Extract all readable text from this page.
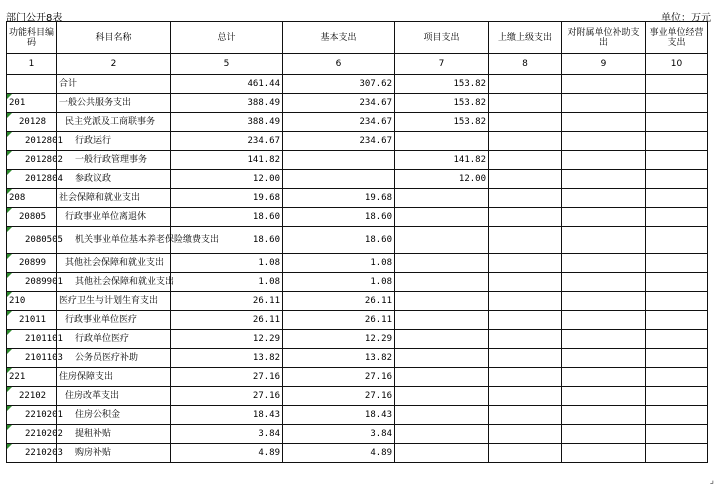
部门公开8表	单位：万元
功能科目编码	科目名称	总计	基本支出	项目支出	上缴上级支出	对附属单位补助支出	事业单位经营支出
1	2	5	6	7	8	9	10

	合计	461.44	307.62	153.82			

201	一般公共服务支出	388.49	234.67	153.82			

20128	民主党派及工商联事务	388.49	234.67	153.82			

2012801	行政运行	234.67	234.67				

2012802	一般行政管理事务	141.82		141.82			

2012804	参政议政	12.00		12.00			

208	社会保障和就业支出	19.68	19.68				

20805	行政事业单位离退休	18.60	18.60				

2080505	机关事业单位基本养老保险缴费支出	18.60	18.60				

20899	其他社会保障和就业支出	1.08	1.08				

2089901	其他社会保障和就业支出	1.08	1.08				

210	医疗卫生与计划生育支出	26.11	26.11				

21011	行政事业单位医疗	26.11	26.11				

2101101	行政单位医疗	12.29	12.29				

2101103	公务员医疗补助	13.82	13.82				

221	住房保障支出	27.16	27.16				

22102	住房改革支出	27.16	27.16				

2210201	住房公积金	18.43	18.43				

2210202	提租补贴	3.84	3.84				

2210203	购房补贴	4.89	4.89				
⌟
